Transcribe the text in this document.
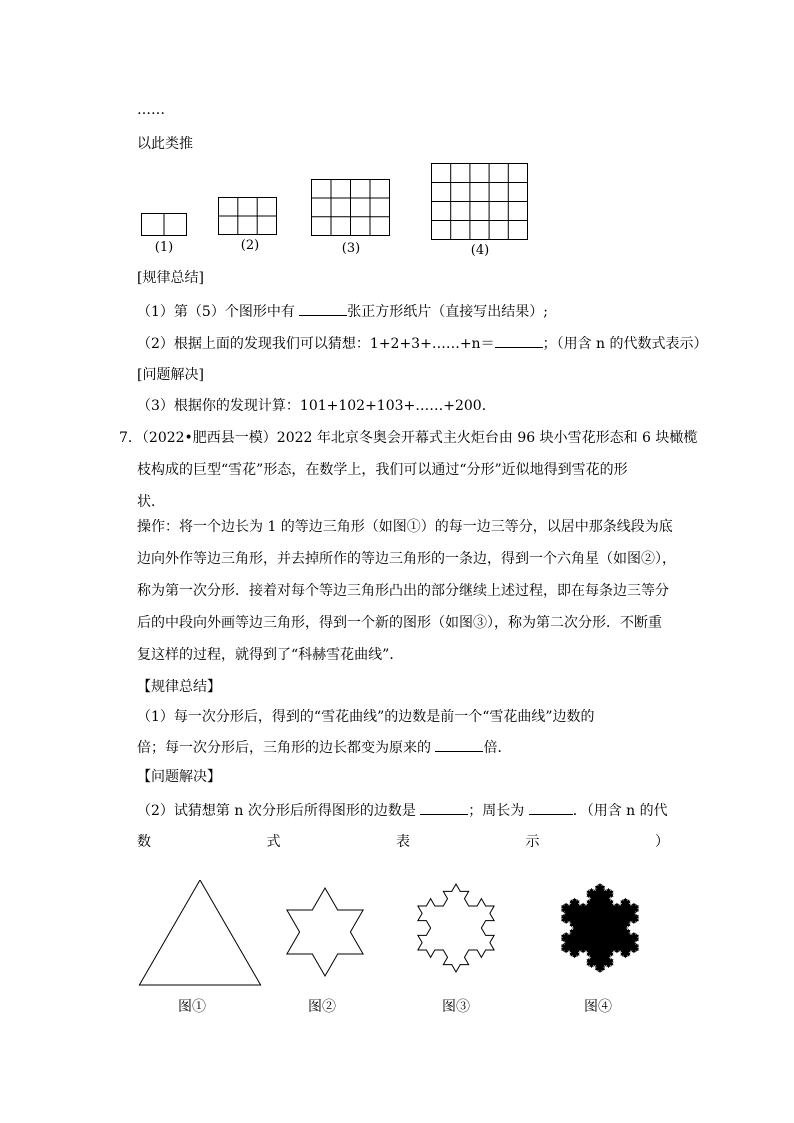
……
以此类推
(1)	(2)	(3)	(4)
[规律总结]
（1）第（5）个图形中有	张正方形纸片（直接写出结果）;
（2）根据上面的发现我们可以猜想：1+2+3+……+n＝	；（用含 n 的代数式表示）
[问题解决]
（3）根据你的发现计算：101+102+103+……+200．
7．（2022•肥西县一模）2022 年北京冬奥会开幕式主火炬台由 96 块小雪花形态和 6 块橄榄
枝构成的巨型“雪花”形态，在数学上，我们可以通过“分形”近似地得到雪花的形
状．
操作：将一个边长为 1 的等边三角形（如图①）的每一边三等分，以居中那条线段为底
边向外作等边三角形，并去掉所作的等边三角形的一条边，得到一个六角星（如图②），
称为第一次分形．接着对每个等边三角形凸出的部分继续上述过程，即在每条边三等分
后的中段向外画等边三角形，得到一个新的图形（如图③），称为第二次分形．不断重
复这样的过程，就得到了“科赫雪花曲线”．
【规律总结】
（1）每一次分形后，得到的“雪花曲线”的边数是前一个“雪花曲线”边数的
倍；每一次分形后，三角形的边长都变为原来的	倍．
【问题解决】
（2）试猜想第 n 次分形后所得图形的边数是	；周长为	．（用含 n 的代
数	式	表	示	）
图①	图②	图③	图④
